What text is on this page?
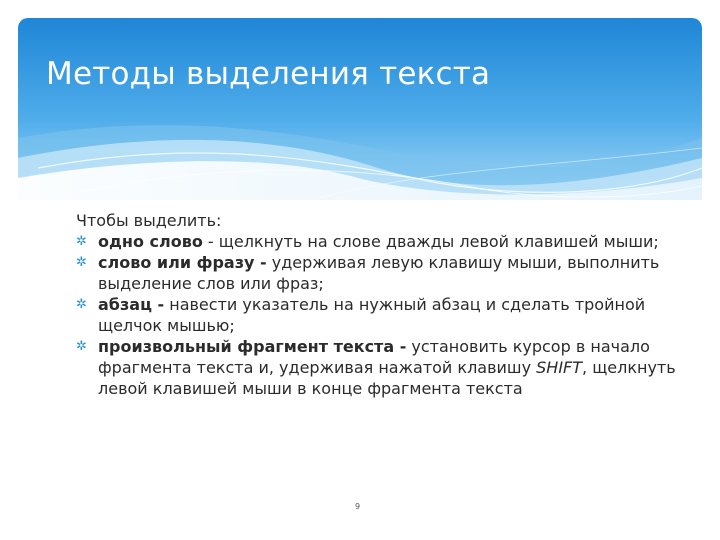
Методы выделения текста

Чтобы выделить:

✲ одно слово - щелкнуть на слове дважды левой клавишей мыши;
✲ слово или фразу - удерживая левую клавишу мыши, выполнить выделение слов или фраз;
✲ абзац - навести указатель на нужный абзац и сделать тройной щелчок мышью;
✲ произвольный фрагмент текста - установить курсор в начало фрагмента текста и, удерживая нажатой клавишу SHIFT, щелкнуть левой клавишей мыши в конце фрагмента текста
9
